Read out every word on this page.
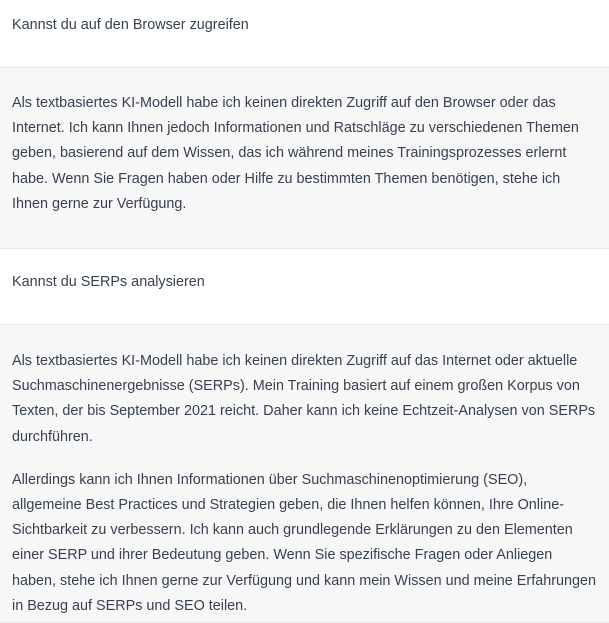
Kannst du auf den Browser zugreifen

Als textbasiertes KI-Modell habe ich keinen direkten Zugriff auf den Browser oder das Internet. Ich kann Ihnen jedoch Informationen und Ratschläge zu verschiedenen Themen geben, basierend auf dem Wissen, das ich während meines Trainingsprozesses erlernt habe. Wenn Sie Fragen haben oder Hilfe zu bestimmten Themen benötigen, stehe ich Ihnen gerne zur Verfügung.

Kannst du SERPs analysieren

Als textbasiertes KI-Modell habe ich keinen direkten Zugriff auf das Internet oder aktuelle Suchmaschinenergebnisse (SERPs). Mein Training basiert auf einem großen Korpus von Texten, der bis September 2021 reicht. Daher kann ich keine Echtzeit-Analysen von SERPs durchführen.

Allerdings kann ich Ihnen Informationen über Suchmaschinenoptimierung (SEO), allgemeine Best Practices und Strategien geben, die Ihnen helfen können, Ihre Online-Sichtbarkeit zu verbessern. Ich kann auch grundlegende Erklärungen zu den Elementen einer SERP und ihrer Bedeutung geben. Wenn Sie spezifische Fragen oder Anliegen haben, stehe ich Ihnen gerne zur Verfügung und kann mein Wissen und meine Erfahrungen in Bezug auf SERPs und SEO teilen.
